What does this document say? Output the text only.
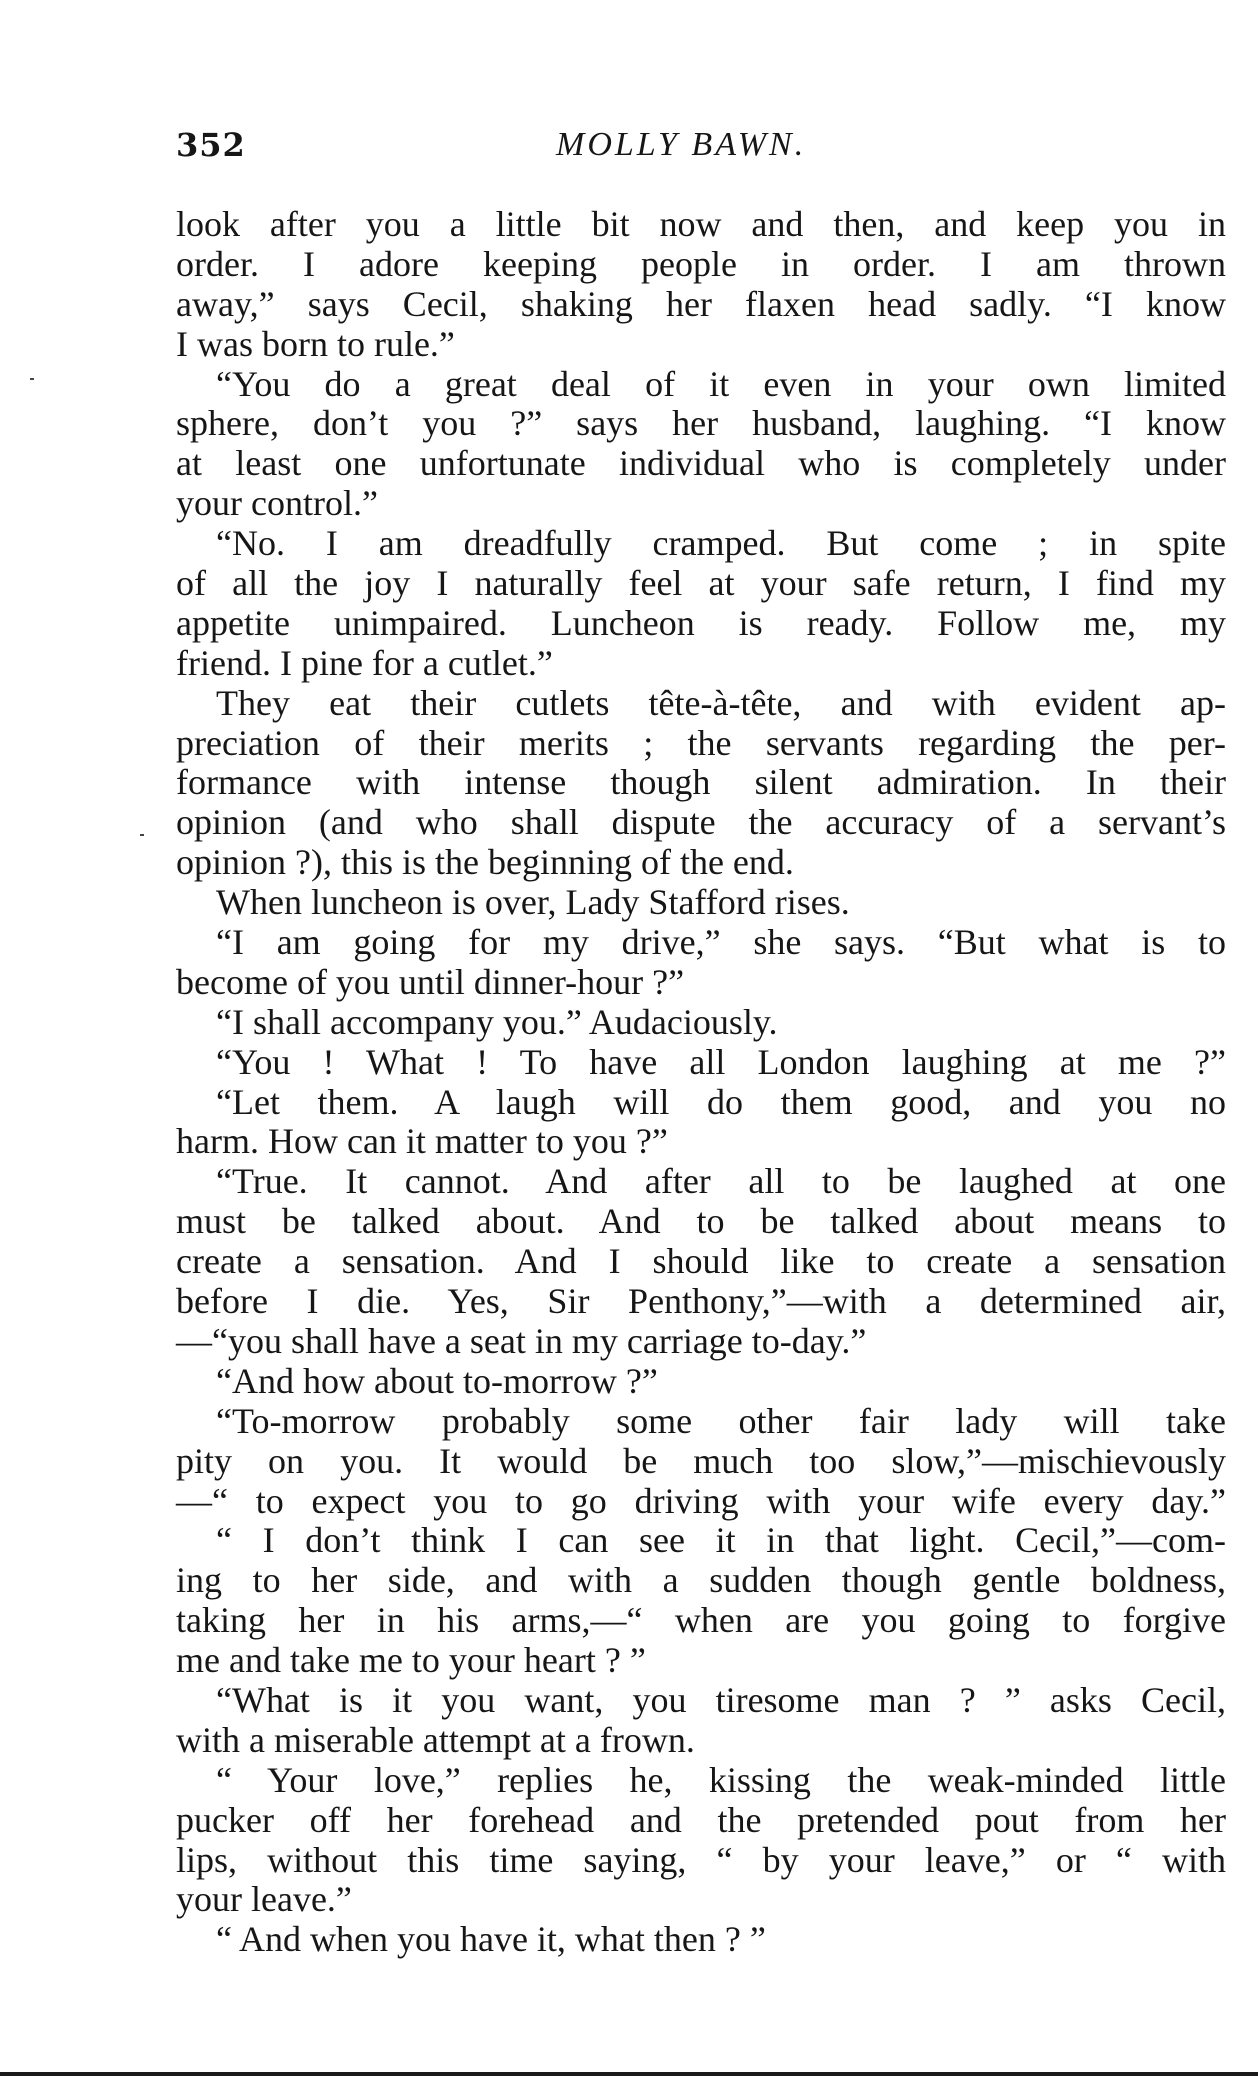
352	MOLLY BAWN.
look after you a little bit now and then, and keep you in
order. I adore keeping people in order. I am thrown
away,” says Cecil, shaking her flaxen head sadly. “I know
I was born to rule.”
“You do a great deal of it even in your own limited
sphere, don’t you ?” says her husband, laughing. “I know
at least one unfortunate individual who is completely under
your control.”
“No. I am dreadfully cramped. But come ; in spite
of all the joy I naturally feel at your safe return, I find my
appetite unimpaired. Luncheon is ready. Follow me, my
friend. I pine for a cutlet.”
They eat their cutlets tête-à-tête, and with evident ap-
preciation of their merits ; the servants regarding the per-
formance with intense though silent admiration. In their
opinion (and who shall dispute the accuracy of a servant’s
opinion ?), this is the beginning of the end.
When luncheon is over, Lady Stafford rises.
“I am going for my drive,” she says. “But what is to
become of you until dinner-hour ?”
“I shall accompany you.” Audaciously.
“You ! What ! To have all London laughing at me ?”
“Let them. A laugh will do them good, and you no
harm. How can it matter to you ?”
“True. It cannot. And after all to be laughed at one
must be talked about. And to be talked about means to
create a sensation. And I should like to create a sensation
before I die. Yes, Sir Penthony,”—with a determined air,
—“you shall have a seat in my carriage to-day.”
“And how about to-morrow ?”
“To-morrow probably some other fair lady will take
pity on you. It would be much too slow,”—mischievously
—“ to expect you to go driving with your wife every day.”
“ I don’t think I can see it in that light. Cecil,”—com-
ing to her side, and with a sudden though gentle boldness,
taking her in his arms,—“ when are you going to forgive
me and take me to your heart ? ”
“What is it you want, you tiresome man ? ” asks Cecil,
with a miserable attempt at a frown.
“ Your love,” replies he, kissing the weak-minded little
pucker off her forehead and the pretended pout from her
lips, without this time saying, “ by your leave,” or “ with
your leave.”
“ And when you have it, what then ? ”
